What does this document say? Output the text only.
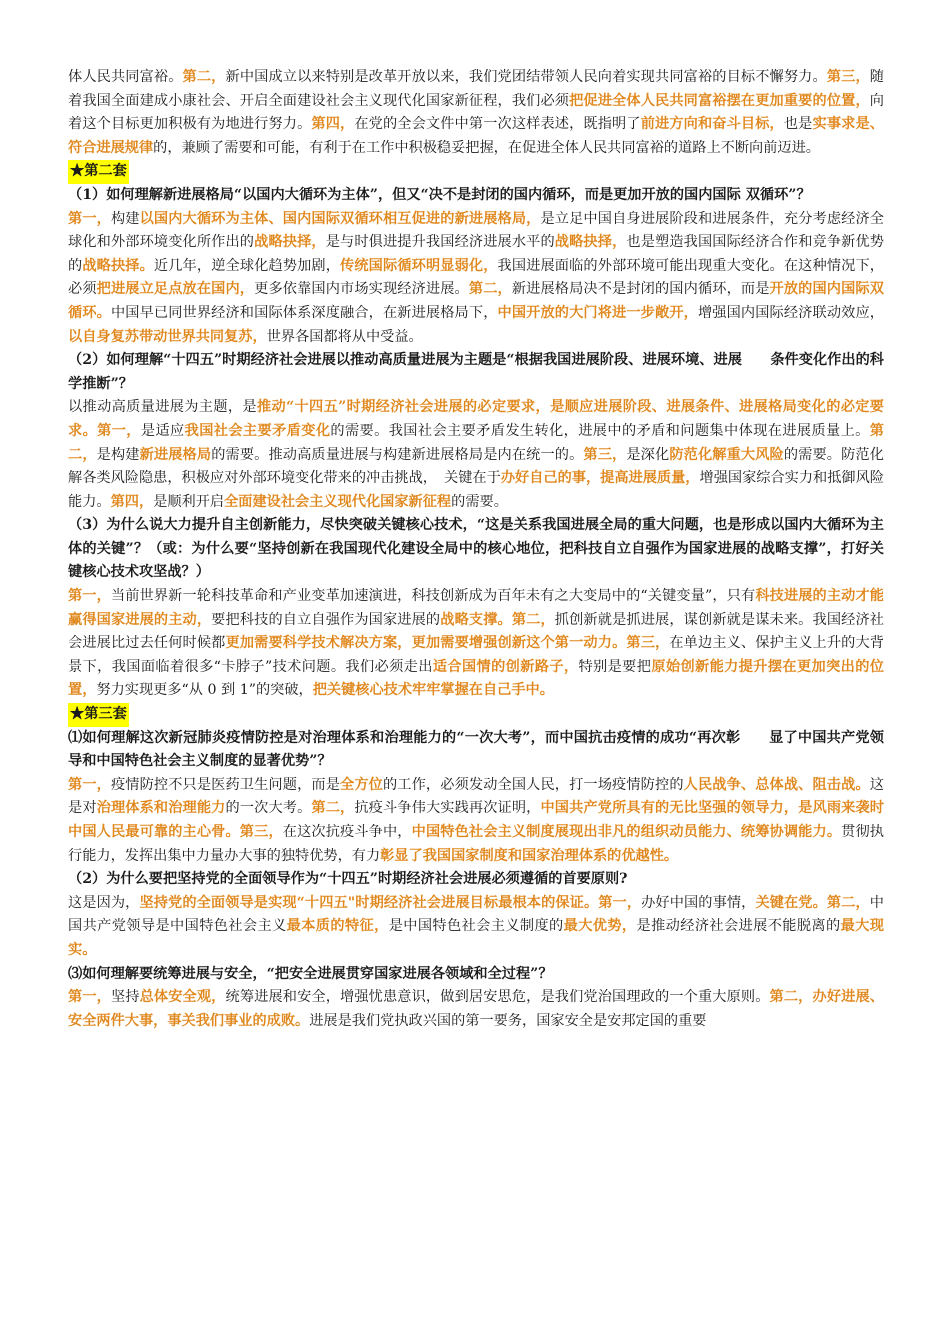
体人民共同富裕。第二，新中国成立以来特别是改革开放以来，我们党团结带领人民向着实现共同富裕的目标不懈努力。第三，随着我国全面建成小康社会、开启全面建设社会主义现代化国家新征程，我们必须把促进全体人民共同富裕摆在更加重要的位置，向着这个目标更加积极有为地进行努力。第四，在党的全会文件中第一次这样表述，既指明了前进方向和奋斗目标，也是实事求是、符合进展规律的，兼顾了需要和可能，有利于在工作中积极稳妥把握，在促进全体人民共同富裕的道路上不断向前迈进。

★第二套

（1）如何理解新进展格局“以国内大循环为主体”，但又“决不是封闭的国内循环，而是更加开放的国内国际 双循环”？

第一，构建以国内大循环为主体、国内国际双循环相互促进的新进展格局，是立足中国自身进展阶段和进展条件，充分考虑经济全球化和外部环境变化所作出的战略抉择，是与时俱进提升我国经济进展水平的战略抉择，也是塑造我国国际经济合作和竞争新优势的战略抉择。近几年，逆全球化趋势加剧，传统国际循环明显弱化，我国进展面临的外部环境可能出现重大变化。在这种情况下，必须把进展立足点放在国内，更多依靠国内市场实现经济进展。第二，新进展格局决不是封闭的国内循环，而是开放的国内国际双循环。中国早已同世界经济和国际体系深度融合，在新进展格局下，中国开放的大门将进一步敞开，增强国内国际经济联动效应，以自身复苏带动世界共同复苏，世界各国都将从中受益。

（2）如何理解“十四五”时期经济社会进展以推动高质量进展为主题是“根据我国进展阶段、进展环境、进展　　条件变化作出的科学推断”？

以推动高质量进展为主题，是推动“十四五”时期经济社会进展的必定要求，是顺应进展阶段、进展条件、进展格局变化的必定要求。第一，是适应我国社会主要矛盾变化的需要。我国社会主要矛盾发生转化，进展中的矛盾和问题集中体现在进展质量上。第二，是构建新进展格局的需要。推动高质量进展与构建新进展格局是内在统一的。第三，是深化防范化解重大风险的需要。防范化解各类风险隐患，积极应对外部环境变化带来的冲击挑战，　关键在于办好自己的事，提高进展质量，增强国家综合实力和抵御风险能力。第四，是顺利开启全面建设社会主义现代化国家新征程的需要。

（3）为什么说大力提升自主创新能力，尽快突破关键核心技术，“这是关系我国进展全局的重大问题，也是形成以国内大循环为主体的关键”？（或：为什么要“坚持创新在我国现代化建设全局中的核心地位，把科技自立自强作为国家进展的战略支撑”，打好关键核心技术攻坚战？）

第一，当前世界新一轮科技革命和产业变革加速演进，科技创新成为百年未有之大变局中的“关键变量”，只有科技进展的主动才能赢得国家进展的主动，要把科技的自立自强作为国家进展的战略支撑。第二，抓创新就是抓进展，谋创新就是谋未来。我国经济社会进展比过去任何时候都更加需要科学技术解决方案，更加需要增强创新这个第一动力。第三，在单边主义、保护主义上升的大背景下，我国面临着很多“卡脖子”技术问题。我们必须走出适合国情的创新路子，特别是要把原始创新能力提升摆在更加突出的位置，努力实现更多“从 0 到 1”的突破，把关键核心技术牢牢掌握在自己手中。

★第三套

⑴如何理解这次新冠肺炎疫情防控是对治理体系和治理能力的“一次大考”，而中国抗击疫情的成功“再次彰　　显了中国共产党领导和中国特色社会主义制度的显著优势”？

第一，疫情防控不只是医药卫生问题，而是全方位的工作，必须发动全国人民，打一场疫情防控的人民战争、总体战、阻击战。这是对治理体系和治理能力的一次大考。第二，抗疫斗争伟大实践再次证明，中国共产党所具有的无比坚强的领导力，是风雨来袭时中国人民最可靠的主心骨。第三，在这次抗疫斗争中，中国特色社会主义制度展现出非凡的组织动员能力、统筹协调能力。贯彻执行能力，发挥出集中力量办大事的独特优势，有力彰显了我国国家制度和国家治理体系的优越性。

（2）为什么要把坚持党的全面领导作为“十四五”时期经济社会进展必须遵循的首要原则?

这是因为，坚持党的全面领导是实现“十四五"时期经济社会进展目标最根本的保证。第一，办好中国的事情，关键在党。第二，中国共产党领导是中国特色社会主义最本质的特征，是中国特色社会主义制度的最大优势，是推动经济社会进展不能脱离的最大现实。

⑶如何理解要统筹进展与安全，“把安全进展贯穿国家进展各领域和全过程”？

第一，坚持总体安全观，统筹进展和安全，增强忧患意识，做到居安思危，是我们党治国理政的一个重大原则。第二，办好进展、安全两件大事，事关我们事业的成败。进展是我们党执政兴国的第一要务，国家安全是安邦定国的重要
